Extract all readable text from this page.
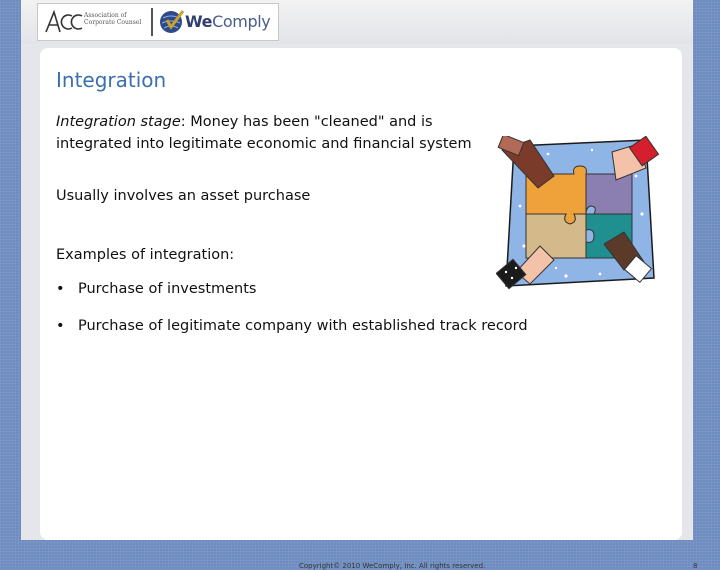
Association of
Corporate Counsel	WeComply
Integration
Integration stage: Money has been "cleaned" and is integrated into legitimate economic and financial system
Usually involves an asset purchase
Examples of integration:
• Purchase of investments
• Purchase of legitimate company with established track record
Copyright© 2010 WeComply, Inc. All rights reserved.	8
